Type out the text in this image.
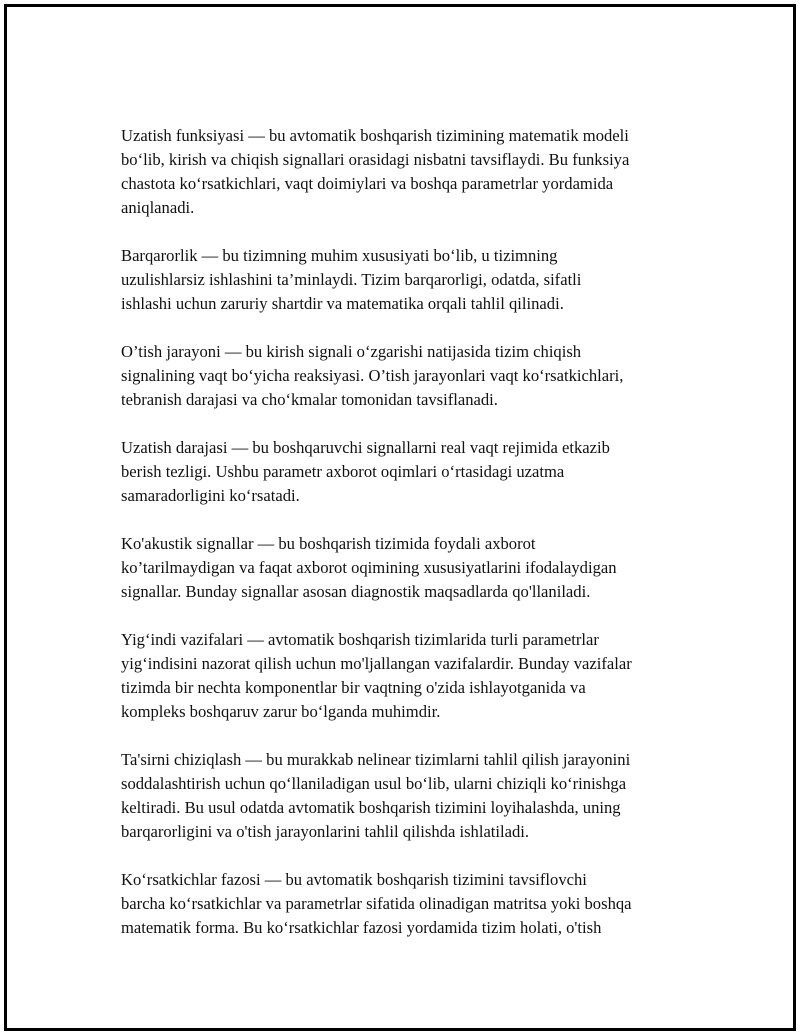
Uzatish funksiyasi — bu avtomatik boshqarish tizimining matematik modeli
bo‘lib, kirish va chiqish signallari orasidagi nisbatni tavsiflaydi. Bu funksiya
chastota ko‘rsatkichlari, vaqt doimiylari va boshqa parametrlar yordamida
aniqlanadi.

Barqarorlik — bu tizimning muhim xususiyati bo‘lib, u tizimning
uzulishlarsiz ishlashini ta’minlaydi. Tizim barqarorligi, odatda, sifatli
ishlashi uchun zaruriy shartdir va matematika orqali tahlil qilinadi.

O’tish jarayoni — bu kirish signali o‘zgarishi natijasida tizim chiqish
signalining vaqt bo‘yicha reaksiyasi. O’tish jarayonlari vaqt ko‘rsatkichlari,
tebranish darajasi va cho‘kmalar tomonidan tavsiflanadi.

Uzatish darajasi — bu boshqaruvchi signallarni real vaqt rejimida etkazib
berish tezligi. Ushbu parametr axborot oqimlari o‘rtasidagi uzatma
samaradorligini ko‘rsatadi.

Ko'akustik signallar — bu boshqarish tizimida foydali axborot
ko’tarilmaydigan va faqat axborot oqimining xususiyatlarini ifodalaydigan
signallar. Bunday signallar asosan diagnostik maqsadlarda qo'llaniladi.

Yig‘indi vazifalari — avtomatik boshqarish tizimlarida turli parametrlar
yig‘indisini nazorat qilish uchun mo'ljallangan vazifalardir. Bunday vazifalar
tizimda bir nechta komponentlar bir vaqtning o'zida ishlayotganida va
kompleks boshqaruv zarur bo‘lganda muhimdir.

Ta'sirni chiziqlash — bu murakkab nelinear tizimlarni tahlil qilish jarayonini
soddalashtirish uchun qo‘llaniladigan usul bo‘lib, ularni chiziqli ko‘rinishga
keltiradi. Bu usul odatda avtomatik boshqarish tizimini loyihalashda, uning
barqarorligini va o'tish jarayonlarini tahlil qilishda ishlatiladi.

Ko‘rsatkichlar fazosi — bu avtomatik boshqarish tizimini tavsiflovchi
barcha ko‘rsatkichlar va parametrlar sifatida olinadigan matritsa yoki boshqa
matematik forma. Bu ko‘rsatkichlar fazosi yordamida tizim holati, o'tish
